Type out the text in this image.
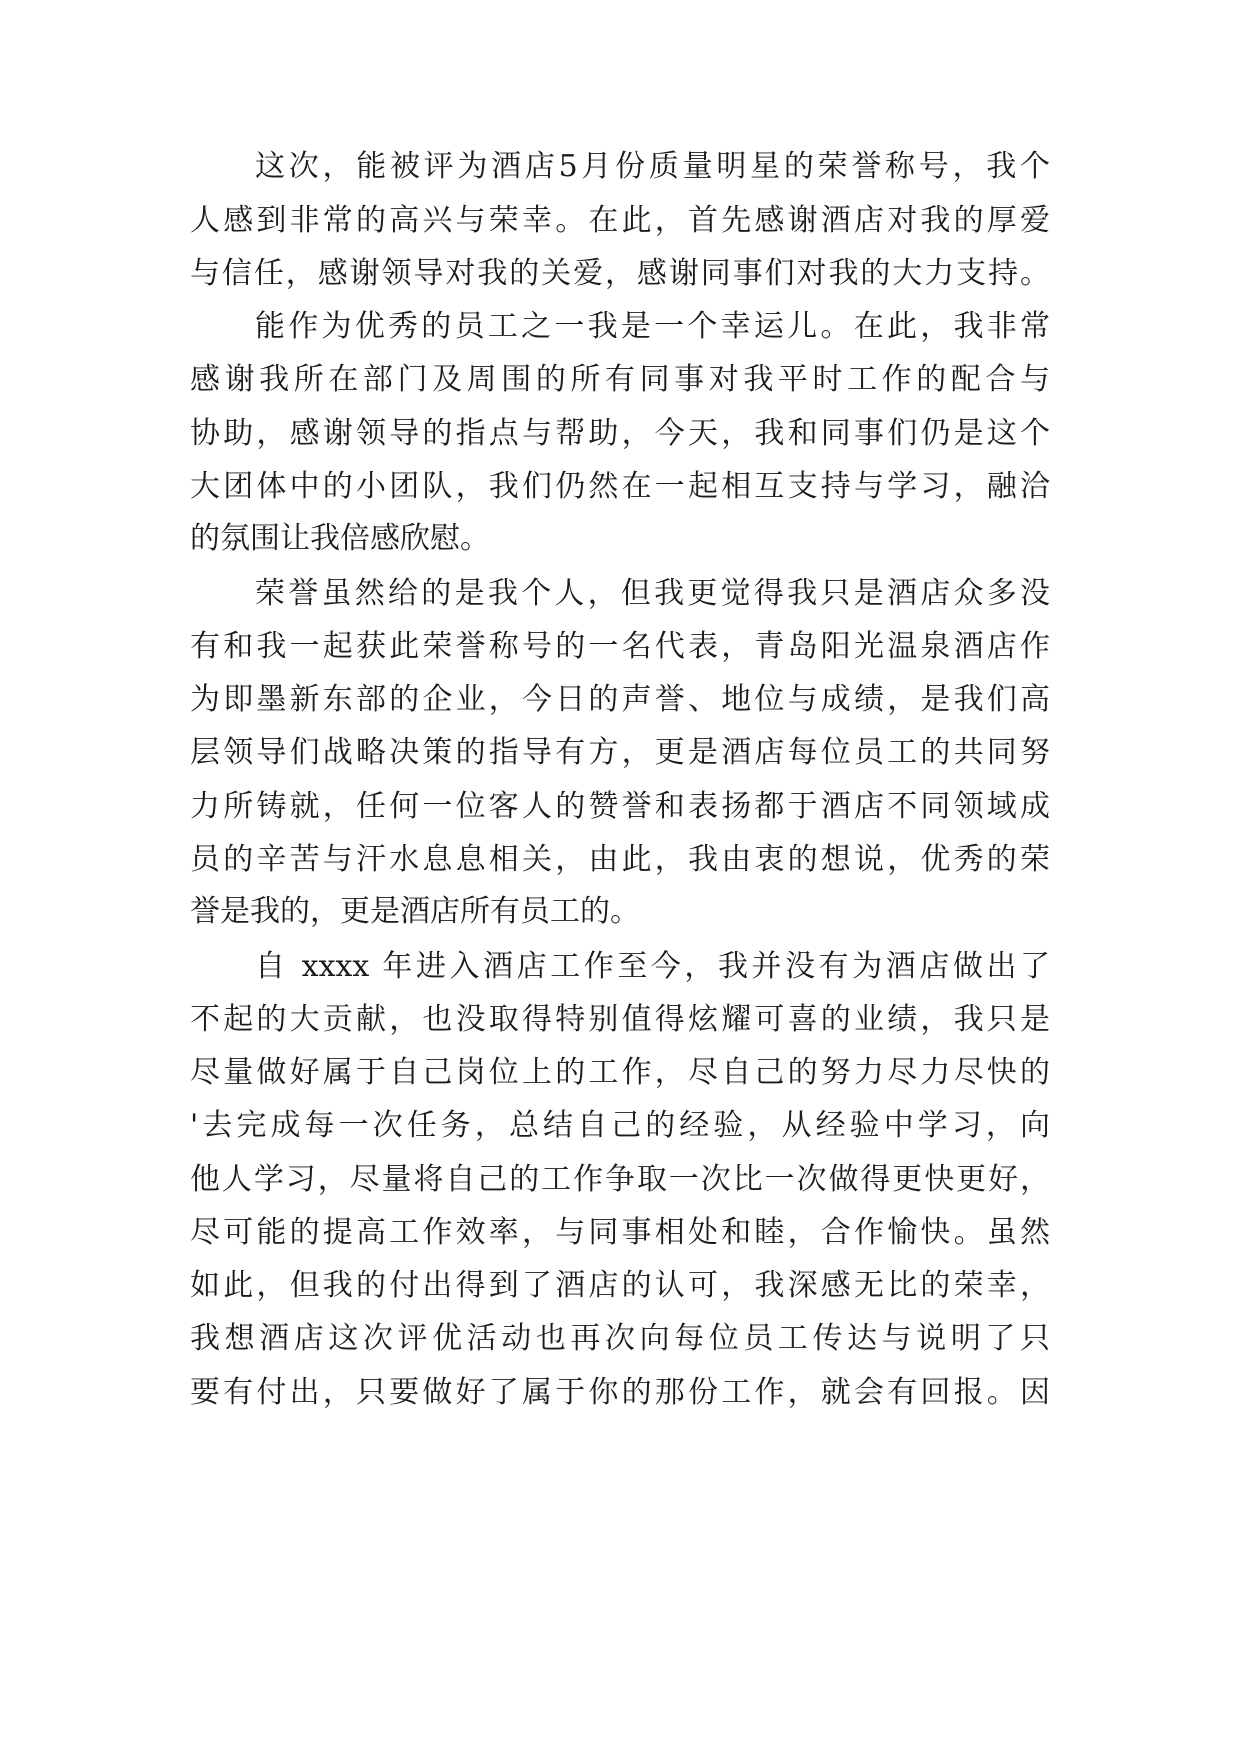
这次，能被评为酒店5月份质量明星的荣誉称号，我个
人感到非常的高兴与荣幸。在此，首先感谢酒店对我的厚爱
与信任，感谢领导对我的关爱，感谢同事们对我的大力支持。
能作为优秀的员工之一我是一个幸运儿。在此，我非常
感谢我所在部门及周围的所有同事对我平时工作的配合与
协助，感谢领导的指点与帮助，今天，我和同事们仍是这个
大团体中的小团队，我们仍然在一起相互支持与学习，融洽
的氛围让我倍感欣慰。
荣誉虽然给的是我个人，但我更觉得我只是酒店众多没
有和我一起获此荣誉称号的一名代表，青岛阳光温泉酒店作
为即墨新东部的企业，今日的声誉、地位与成绩，是我们高
层领导们战略决策的指导有方，更是酒店每位员工的共同努
力所铸就，任何一位客人的赞誉和表扬都于酒店不同领域成
员的辛苦与汗水息息相关，由此，我由衷的想说，优秀的荣
誉是我的，更是酒店所有员工的。
自 xxxx 年进入酒店工作至今，我并没有为酒店做出了
不起的大贡献，也没取得特别值得炫耀可喜的业绩，我只是
尽量做好属于自己岗位上的工作，尽自己的努力尽力尽快的
'去完成每一次任务，总结自己的经验，从经验中学习，向
他人学习，尽量将自己的工作争取一次比一次做得更快更好，
尽可能的提高工作效率，与同事相处和睦，合作愉快。虽然
如此，但我的付出得到了酒店的认可，我深感无比的荣幸，
我想酒店这次评优活动也再次向每位员工传达与说明了只
要有付出，只要做好了属于你的那份工作，就会有回报。因
